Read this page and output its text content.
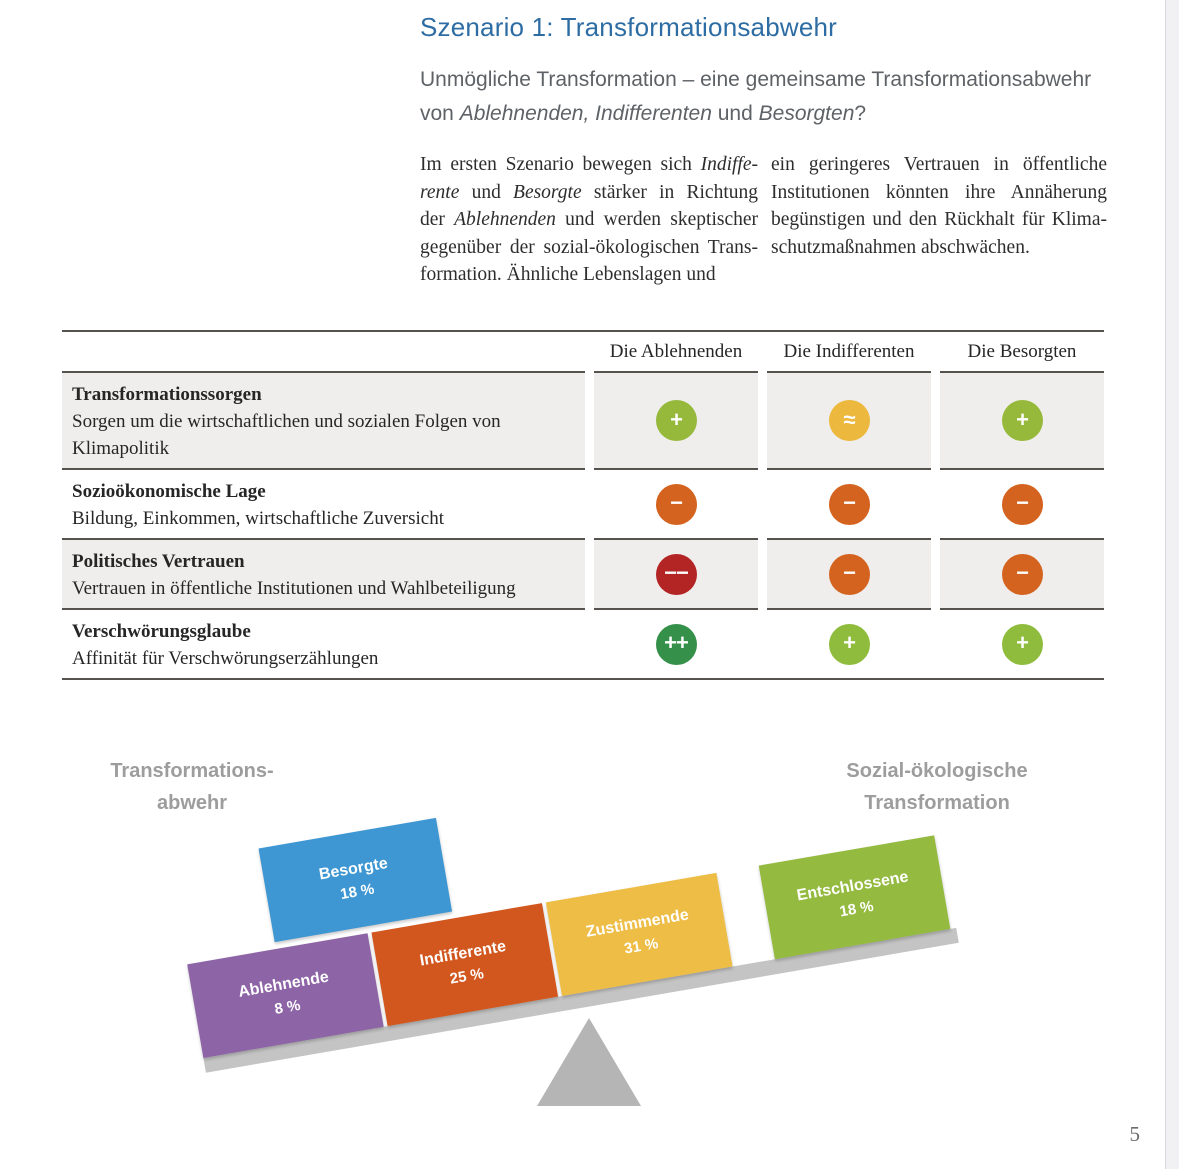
Szenario 1: Transformationsabwehr
Unmögliche Transformation – eine gemeinsame Transformationsabwehr
von Ablehnenden, Indifferenten und Besorgten?
Im ersten Szenario bewegen sich Indiffe-
rente und Besorgte stärker in Richtung
der Ablehnenden und werden skeptischer
gegenüber der sozial-ökologischen Trans-
formation. Ähnliche Lebenslagen und
ein geringeres Vertrauen in öffentliche
Institutionen könnten ihre Annäherung
begünstigen und den Rückhalt für Klima-
schutzmaßnahmen abschwächen.
Die Ablehnenden	Die Indifferenten	Die Besorgten
Transformationssorgen
Sorgen um die wirtschaftlichen und sozialen Folgen von Klimapolitik
+	≈	+
Sozioökonomische Lage
Bildung, Einkommen, wirtschaftliche Zuversicht
−	−	−
Politisches Vertrauen
Vertrauen in öffentliche Institutionen und Wahlbeteiligung
−−	−	−
Verschwörungsglaube
Affinität für Verschwörungserzählungen
++	+	+
Transformations-
abwehr
Sozial-ökologische
Transformation
Ablehnende
8 %
Indifferente
25 %
Zustimmende
31 %
Entschlossene
18 %
Besorgte
18 %
5
